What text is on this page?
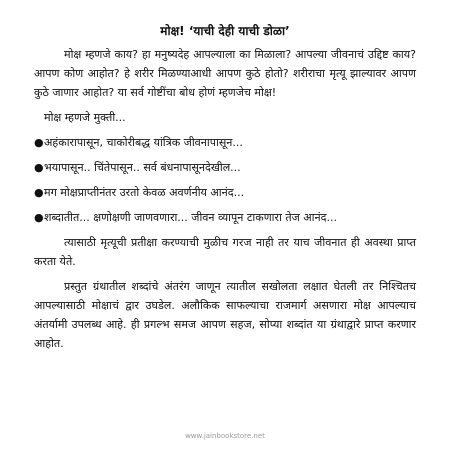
मोक्ष! ‘याची देही याची डोळा’

मोक्ष म्हणजे काय? हा मनुष्यदेह आपल्याला का मिळाला? आपल्या जीवनाचं उद्दिष्ट काय? आपण कोण आहोत? हे शरीर मिळण्याआधी आपण कुठे होतो? शरीराचा मृत्यू झाल्यावर आपण कुठे जाणार आहोत? या सर्व गोष्टींचा बोध होणं म्हणजेच मोक्ष!

मोक्ष म्हणजे मुक्ती...
●अहंकारापासून, चाकोरीबद्ध यांत्रिक जीवनापासून...
●भयापासून.. चिंतेपासून.. सर्व बंधनापासूनदेखील...
●मग मोक्षप्राप्तीनंतर उरतो केवळ अवर्णनीय आनंद...
●शब्दातीत... क्षणोक्षणी जाणवणारा... जीवन व्यापून टाकणारा तेज आनंद...

त्यासाठी मृत्यूची प्रतीक्षा करण्याची मुळीच गरज नाही तर याच जीवनात ही अवस्था प्राप्त करता येते.

प्रस्तुत ग्रंथातील शब्दांचे अंतरंग जाणून त्यातील सखोलता लक्षात घेतली तर निश्चितच आपल्यासाठी मोक्षाचं द्वार उघडेल. अलौकिक साफल्याचा राजमार्ग असणारा मोक्ष आपल्याच अंतर्यामी उपलब्ध आहे. ही प्रगल्भ समज आपण सहज, सोप्या शब्दांत या ग्रंथाद्वारे प्राप्त करणार आहोत.

www.jainbookstore.net
